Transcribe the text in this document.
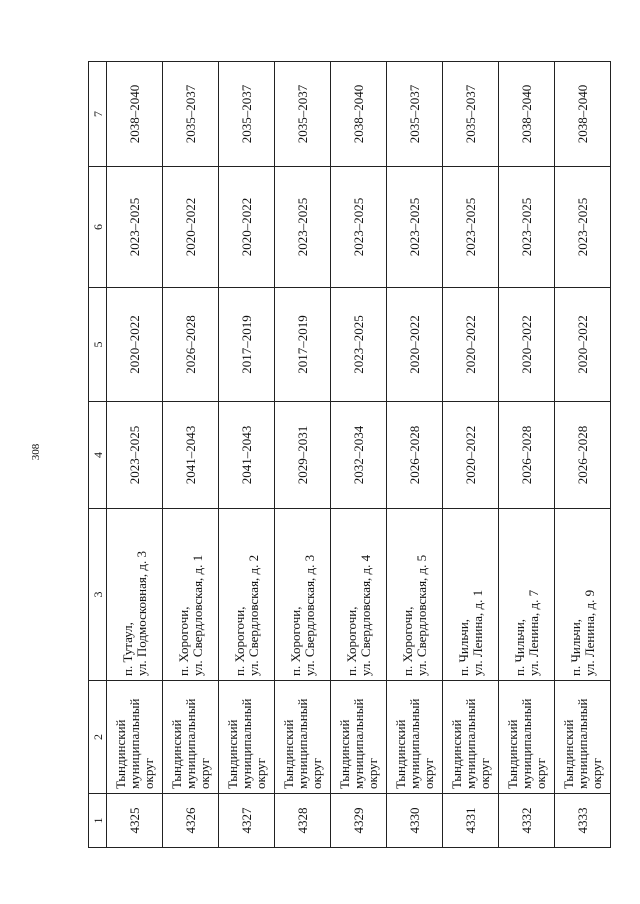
308
1	2	3	4	5	6	7
4325	Тындинский
муниципальный
округ	п. Тутаул,
ул. Подмосковная, д. 3	2023–2025	2020–2022	2023–2025	2038–2040
4326	Тындинский
муниципальный
округ	п. Хорогочи,
ул. Свердловская, д. 1	2041–2043	2026–2028	2020–2022	2035–2037
4327	Тындинский
муниципальный
округ	п. Хорогочи,
ул. Свердловская, д. 2	2041–2043	2017–2019	2020–2022	2035–2037
4328	Тындинский
муниципальный
округ	п. Хорогочи,
ул. Свердловская, д. 3	2029–2031	2017–2019	2023–2025	2035–2037
4329	Тындинский
муниципальный
округ	п. Хорогочи,
ул. Свердловская, д. 4	2032–2034	2023–2025	2023–2025	2038–2040
4330	Тындинский
муниципальный
округ	п. Хорогочи,
ул. Свердловская, д. 5	2026–2028	2020–2022	2023–2025	2035–2037
4331	Тындинский
муниципальный
округ	п. Чильчи,
ул. Ленина, д. 1	2020–2022	2020–2022	2023–2025	2035–2037
4332	Тындинский
муниципальный
округ	п. Чильчи,
ул. Ленина, д. 7	2026–2028	2020–2022	2023–2025	2038–2040
4333	Тындинский
муниципальный
округ	п. Чильчи,
ул. Ленина, д. 9	2026–2028	2020–2022	2023–2025	2038–2040
